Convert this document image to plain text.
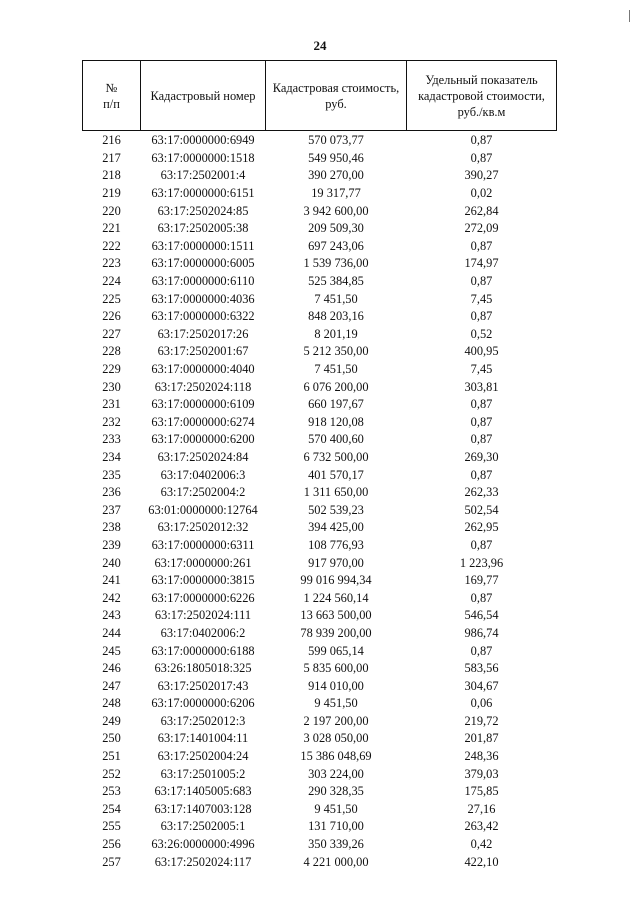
24
№
п/п	Кадастровый номер	Кадастровая стоимость, руб.	Удельный показатель кадастровой стоимости, руб./кв.м
216	63:17:0000000:6949	570 073,77	0,87
217	63:17:0000000:1518	549 950,46	0,87
218	63:17:2502001:4	390 270,00	390,27
219	63:17:0000000:6151	19 317,77	0,02
220	63:17:2502024:85	3 942 600,00	262,84
221	63:17:2502005:38	209 509,30	272,09
222	63:17:0000000:1511	697 243,06	0,87
223	63:17:0000000:6005	1 539 736,00	174,97
224	63:17:0000000:6110	525 384,85	0,87
225	63:17:0000000:4036	7 451,50	7,45
226	63:17:0000000:6322	848 203,16	0,87
227	63:17:2502017:26	8 201,19	0,52
228	63:17:2502001:67	5 212 350,00	400,95
229	63:17:0000000:4040	7 451,50	7,45
230	63:17:2502024:118	6 076 200,00	303,81
231	63:17:0000000:6109	660 197,67	0,87
232	63:17:0000000:6274	918 120,08	0,87
233	63:17:0000000:6200	570 400,60	0,87
234	63:17:2502024:84	6 732 500,00	269,30
235	63:17:0402006:3	401 570,17	0,87
236	63:17:2502004:2	1 311 650,00	262,33
237	63:01:0000000:12764	502 539,23	502,54
238	63:17:2502012:32	394 425,00	262,95
239	63:17:0000000:6311	108 776,93	0,87
240	63:17:0000000:261	917 970,00	1 223,96
241	63:17:0000000:3815	99 016 994,34	169,77
242	63:17:0000000:6226	1 224 560,14	0,87
243	63:17:2502024:111	13 663 500,00	546,54
244	63:17:0402006:2	78 939 200,00	986,74
245	63:17:0000000:6188	599 065,14	0,87
246	63:26:1805018:325	5 835 600,00	583,56
247	63:17:2502017:43	914 010,00	304,67
248	63:17:0000000:6206	9 451,50	0,06
249	63:17:2502012:3	2 197 200,00	219,72
250	63:17:1401004:11	3 028 050,00	201,87
251	63:17:2502004:24	15 386 048,69	248,36
252	63:17:2501005:2	303 224,00	379,03
253	63:17:1405005:683	290 328,35	175,85
254	63:17:1407003:128	9 451,50	27,16
255	63:17:2502005:1	131 710,00	263,42
256	63:26:0000000:4996	350 339,26	0,42
257	63:17:2502024:117	4 221 000,00	422,10
